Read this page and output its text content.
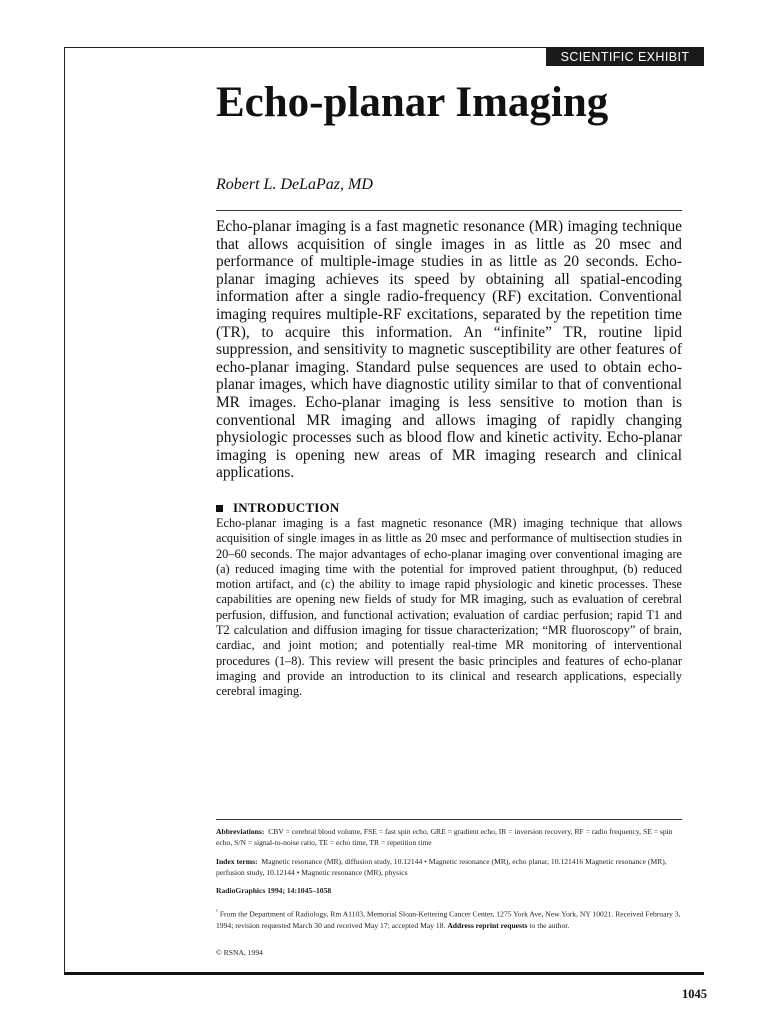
SCIENTIFIC EXHIBIT
Echo-planar Imaging
Robert L. DeLaPaz, MD

Echo-planar imaging is a fast magnetic resonance (MR) imaging technique that allows acquisition of single images in as little as 20 msec and performance of multiple-image studies in as little as 20 seconds. Echo-planar imaging achieves its speed by obtaining all spatial-encoding information after a single radio-frequency (RF) excitation. Conventional imaging requires multiple-RF excitations, separated by the repetition time (TR), to acquire this information. An “infinite” TR, routine lipid suppression, and sensitivity to magnetic susceptibility are other features of echo-planar imaging. Standard pulse sequences are used to obtain echo-planar images, which have diagnostic utility similar to that of conventional MR images. Echo-planar imaging is less sensitive to motion than is conventional MR imaging and allows imaging of rapidly changing physiologic processes such as blood flow and kinetic activity. Echo-planar imaging is opening new areas of MR imaging research and clinical applications.

INTRODUCTION

Echo-planar imaging is a fast magnetic resonance (MR) imaging technique that allows acquisition of single images in as little as 20 msec and performance of multisection studies in 20–60 seconds. The major advantages of echo-planar imaging over conventional imaging are (a) reduced imaging time with the potential for improved patient throughput, (b) reduced motion artifact, and (c) the ability to image rapid physiologic and kinetic processes. These capabilities are opening new fields of study for MR imaging, such as evaluation of cerebral perfusion, diffusion, and functional activation; evaluation of cardiac perfusion; rapid T1 and T2 calculation and diffusion imaging for tissue characterization; “MR fluoroscopy” of brain, cardiac, and joint motion; and potentially real-time MR monitoring of interventional procedures (1–8). This review will present the basic principles and features of echo-planar imaging and provide an introduction to its clinical and research applications, especially cerebral imaging.

Abbreviations: CBV = cerebral blood volume, FSE = fast spin echo, GRE = gradient echo, IR = inversion recovery, RF = radio frequency, SE = spin echo, S/N = signal-to-noise ratio, TE = echo time, TR = repetition time

Index terms: Magnetic resonance (MR), diffusion study, 10.12144 • Magnetic resonance (MR), echo planar, 10.121416 Magnetic resonance (MR), perfusion study, 10.12144 • Magnetic resonance (MR), physics

RadioGraphics 1994; 14:1045–1058

$^{^1}$ From the Department of Radiology, Rm A1103, Memorial Sloan-Kettering Cancer Center, 1275 York Ave, New York, NY 10021. Received February 3, 1994; revision requested March 30 and received May 17; accepted May 18. Address reprint requests to the author.

© RSNA, 1994

1045
